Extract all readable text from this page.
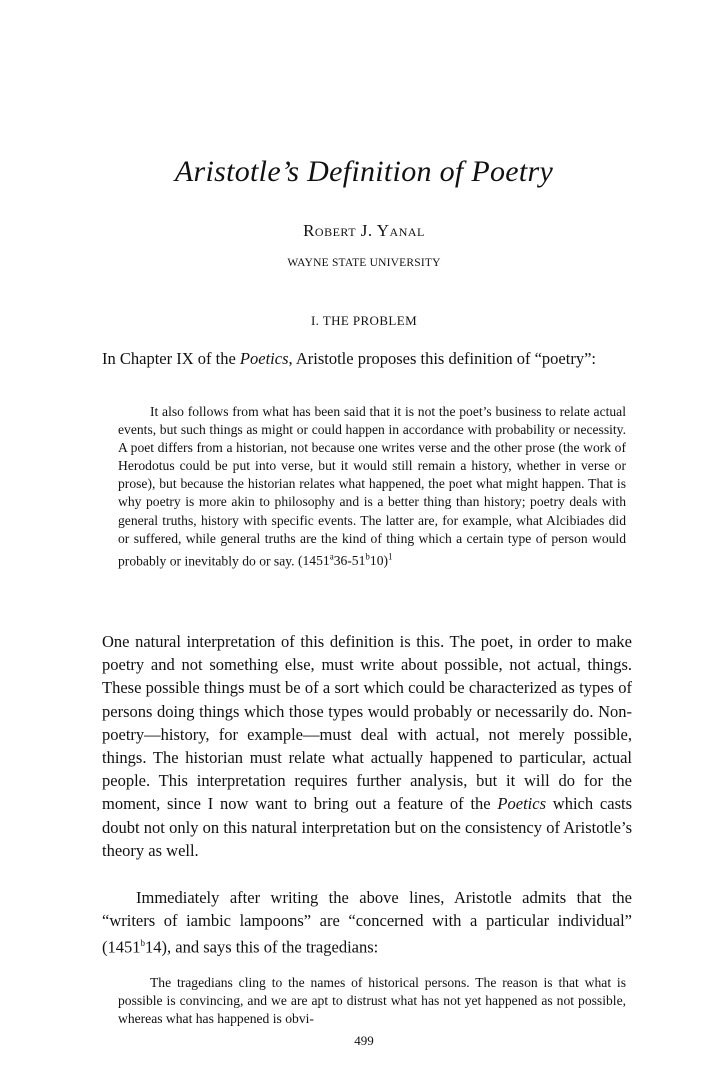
Aristotle’s Definition of Poetry
Robert J. Yanal
WAYNE STATE UNIVERSITY
I. THE PROBLEM

In Chapter IX of the Poetics, Aristotle proposes this definition of “poetry”:

It also follows from what has been said that it is not the poet’s business to relate actual events, but such things as might or could happen in accordance with probability or necessity. A poet differs from a historian, not because one writes verse and the other prose (the work of Herodotus could be put into verse, but it would still remain a history, whether in verse or prose), but because the historian relates what happened, the poet what might happen. That is why poetry is more akin to philosophy and is a better thing than history; poetry deals with general truths, history with specific events. The latter are, for example, what Alcibiades did or suffered, while general truths are the kind of thing which a certain type of person would probably or inevitably do or say. $(1451^a36-51^b10)^1$

One natural interpretation of this definition is this. The poet, in order to make poetry and not something else, must write about possible, not actual, things. These possible things must be of a sort which could be characterized as types of persons doing things which those types would probably or necessarily do. Non-poetry—history, for example—must deal with actual, not merely possible, things. The historian must relate what actually happened to particular, actual people. This interpretation requires further analysis, but it will do for the moment, since I now want to bring out a feature of the Poetics which casts doubt not only on this natural interpretation but on the consistency of Aristotle’s theory as well.

Immediately after writing the above lines, Aristotle admits that the “writers of iambic lampoons” are “concerned with a particular individual” (1451$^b$14), and says this of the tragedians:

The tragedians cling to the names of historical persons. The reason is that what is possible is convincing, and we are apt to distrust what has not yet happened as not possible, whereas what has happened is obvi-

499
